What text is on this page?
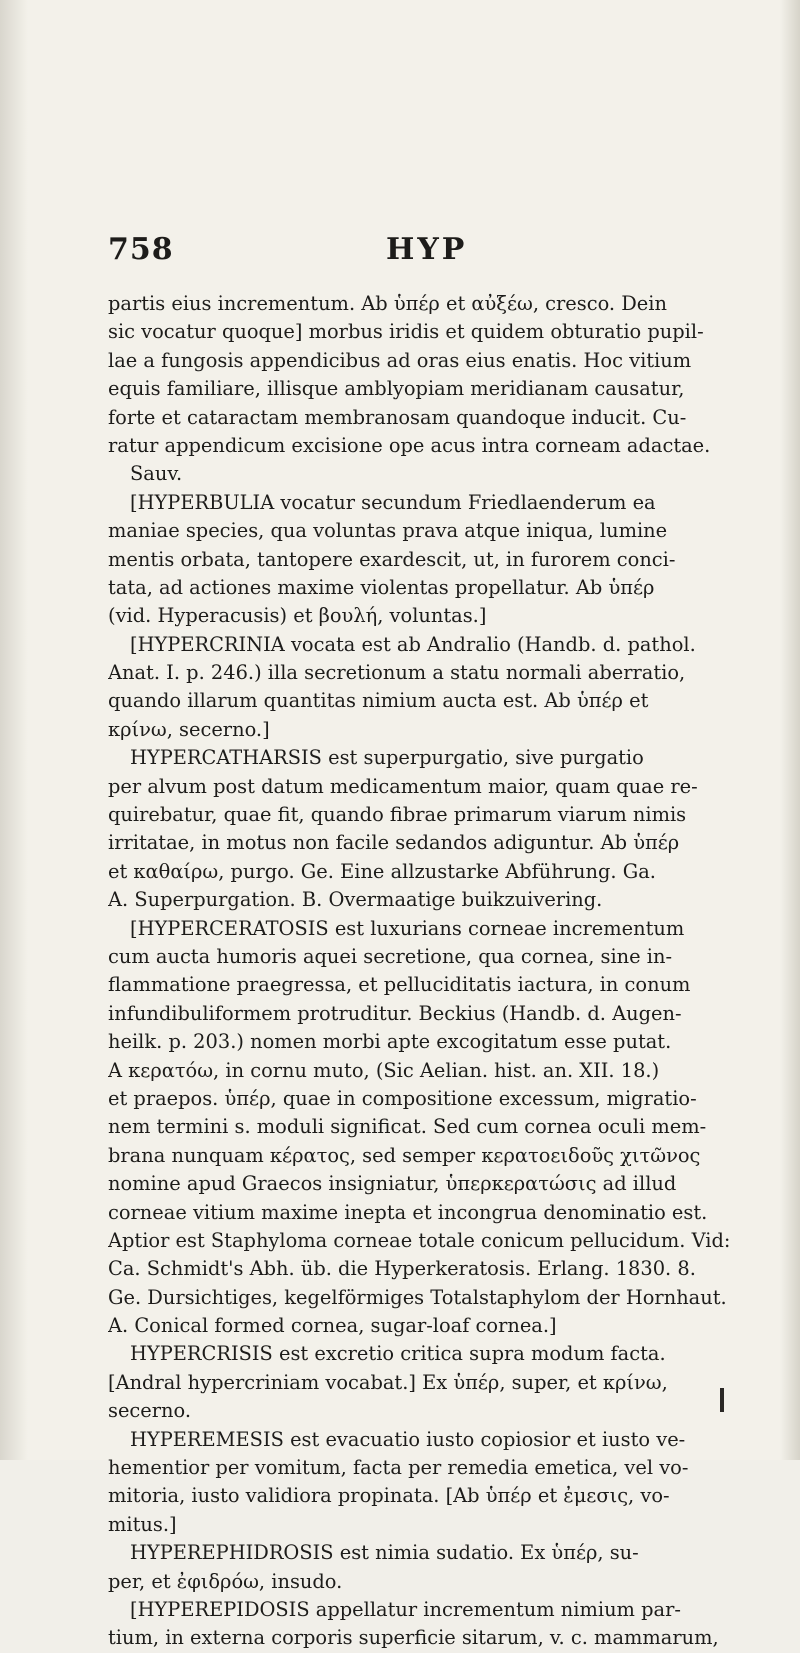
758	HYP
partis eius incrementum. Ab ὑπέρ et αὐξέω, cresco. Dein
sic vocatur quoque] morbus iridis et quidem obturatio pupil-
lae a fungosis appendicibus ad oras eius enatis. Hoc vitium
equis familiare, illisque amblyopiam meridianam causatur,
forte et cataractam membranosam quandoque inducit. Cu-
ratur appendicum excisione ope acus intra corneam adactae.
Sauv.
[HYPERBULIA vocatur secundum Friedlaenderum ea
maniae species, qua voluntas prava atque iniqua, lumine
mentis orbata, tantopere exardescit, ut, in furorem conci-
tata, ad actiones maxime violentas propellatur. Ab ὑπέρ
(vid. Hyperacusis) et βουλή, voluntas.]
[HYPERCRINIA vocata est ab Andralio (Handb. d. pathol.
Anat. I. p. 246.) illa secretionum a statu normali aberratio,
quando illarum quantitas nimium aucta est. Ab ὑπέρ et
κρίνω, secerno.]
HYPERCATHARSIS est superpurgatio, sive purgatio
per alvum post datum medicamentum maior, quam quae re-
quirebatur, quae fit, quando fibrae primarum viarum nimis
irritatae, in motus non facile sedandos adiguntur. Ab ὑπέρ
et καθαίρω, purgo. Ge. Eine allzustarke Abführung. Ga.
A. Superpurgation. B. Overmaatige buikzuivering.
[HYPERCERATOSIS est luxurians corneae incrementum
cum aucta humoris aquei secretione, qua cornea, sine in-
flammatione praegressa, et pelluciditatis iactura, in conum
infundibuliformem protruditur. Beckius (Handb. d. Augen-
heilk. p. 203.) nomen morbi apte excogitatum esse putat.
A κερατόω, in cornu muto, (Sic Aelian. hist. an. XII. 18.)
et praepos. ὑπέρ, quae in compositione excessum, migratio-
nem termini s. moduli significat. Sed cum cornea oculi mem-
brana nunquam κέρατος, sed semper κερατοειδοῦς χιτῶνος
nomine apud Graecos insigniatur, ὑπερκερατώσις ad illud
corneae vitium maxime inepta et incongrua denominatio est.
Aptior est Staphyloma corneae totale conicum pellucidum. Vid:
Ca. Schmidt's Abh. üb. die Hyperkeratosis. Erlang. 1830. 8.
Ge. Dursichtiges, kegelförmiges Totalstaphylom der Hornhaut.
A. Conical formed cornea, sugar-loaf cornea.]
HYPERCRISIS est excretio critica supra modum facta.
[Andral hypercriniam vocabat.] Ex ὑπέρ, super, et κρίνω,
secerno.
HYPEREMESIS est evacuatio iusto copiosior et iusto ve-
hementior per vomitum, facta per remedia emetica, vel vo-
mitoria, iusto validiora propinata. [Ab ὑπέρ et ἐμεσις, vo-
mitus.]
HYPEREPHIDROSIS est nimia sudatio. Ex ὑπέρ, su-
per, et ἐφιδρόω, insudo.
[HYPEREPIDOSIS appellatur incrementum nimium par-
tium, in externa corporis superficie sitarum, v. c. mammarum,
